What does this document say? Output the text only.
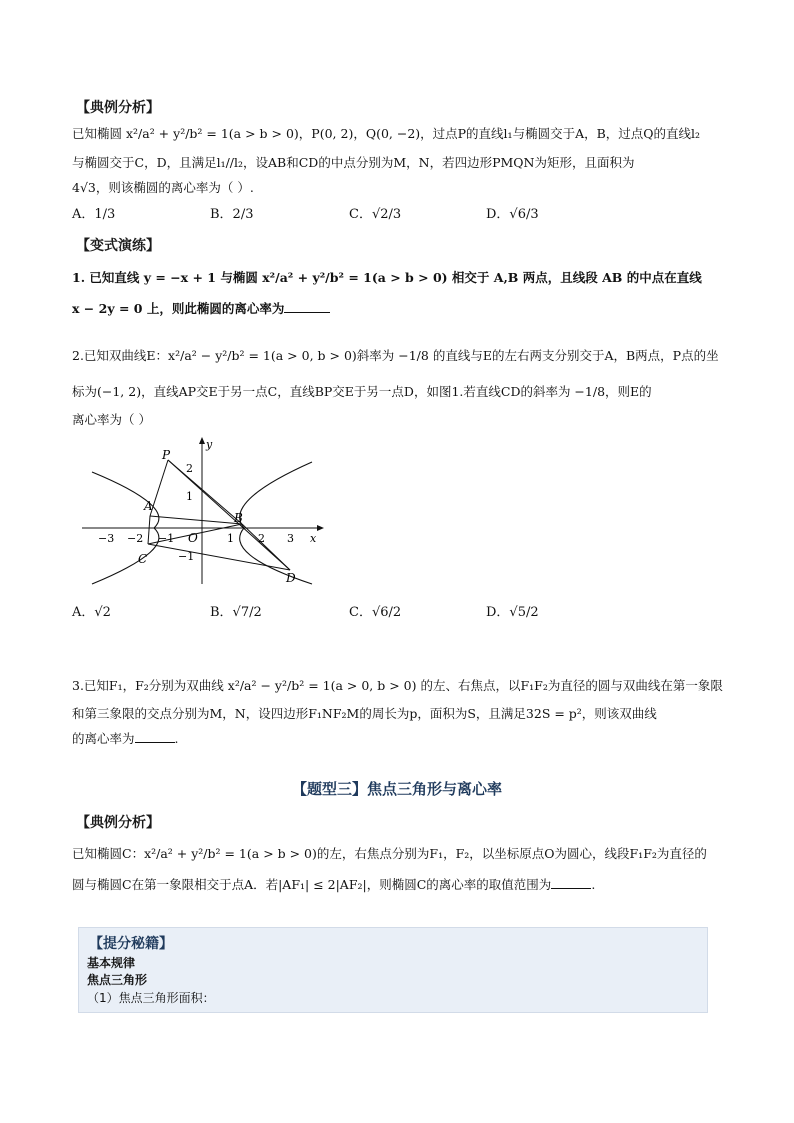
【典例分析】
已知椭圆 x²/a² + y²/b² = 1(a > b > 0)，P(0, 2)，Q(0, −2)，过点P的直线l₁与椭圆交于A，B，过点Q的直线l₂
与椭圆交于C，D，且满足l₁//l₂，设AB和CD的中点分别为M，N，若四边形PMQN为矩形，且面积为
4√3，则该椭圆的离心率为（ ）.
A．1/3	B．2/3	C．√2/3	D．√6/3
【变式演练】
1. 已知直线 y = −x + 1 与椭圆 x²/a² + y²/b² = 1(a > b > 0) 相交于 A,B 两点，且线段 AB 的中点在直线
x − 2y = 0 上，则此椭圆的离心率为
2.已知双曲线E：x²/a² − y²/b² = 1(a > 0, b > 0)斜率为 −1/8 的直线与E的左右两支分别交于A，B两点，P点的坐
标为(−1, 2)，直线AP交E于另一点C，直线BP交E于另一点D，如图1.若直线CD的斜率为 −1/8，则E的
离心率为（ ）
P
A
B
C
D
O	x
y
−3 −2 −1	1 2 3
2
1
−1
A．√2	B．√7/2	C．√6/2	D．√5/2
3.已知F₁，F₂分别为双曲线 x²/a² − y²/b² = 1(a > 0, b > 0) 的左、右焦点，以F₁F₂为直径的圆与双曲线在第一象限
和第三象限的交点分别为M，N，设四边形F₁NF₂M的周长为p，面积为S，且满足32S = p²，则该双曲线
的离心率为	.
【题型三】焦点三角形与离心率
【典例分析】
已知椭圆C：x²/a² + y²/b² = 1(a > b > 0)的左，右焦点分别为F₁，F₂，以坐标原点O为圆心，线段F₁F₂为直径的
圆与椭圆C在第一象限相交于点A．若|AF₁| ≤ 2|AF₂|，则椭圆C的离心率的取值范围为	.
【提分秘籍】
基本规律
焦点三角形
（1）焦点三角形面积：
